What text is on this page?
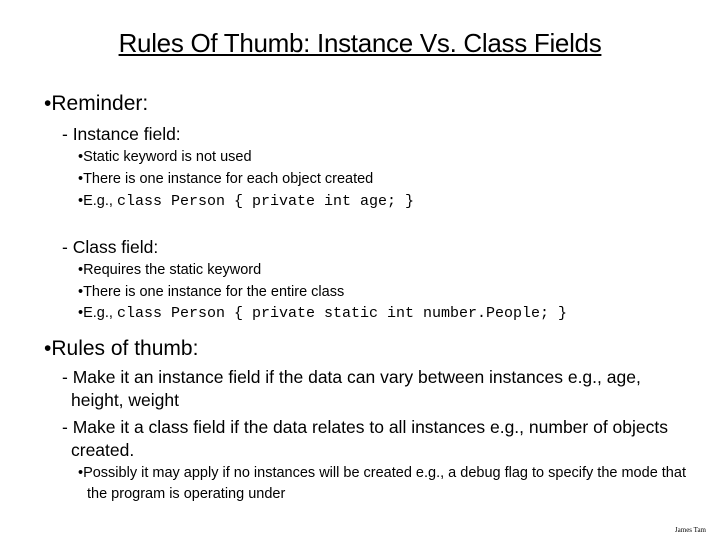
Rules Of Thumb: Instance Vs. Class Fields
•Reminder:
- Instance field:
•Static keyword is not used
•There is one instance for each object created
•E.g., class Person { private int age; }
- Class field:
•Requires the static keyword
•There is one instance for the entire class
•E.g., class Person { private static int number.People; }
•Rules of thumb:
- Make it an instance field if the data can vary between instances e.g., age, height, weight
- Make it a class field if the data relates to all instances e.g., number of objects created.
•Possibly it may apply if no instances will be created e.g., a debug flag to specify the mode that the program is operating under
James Tam
